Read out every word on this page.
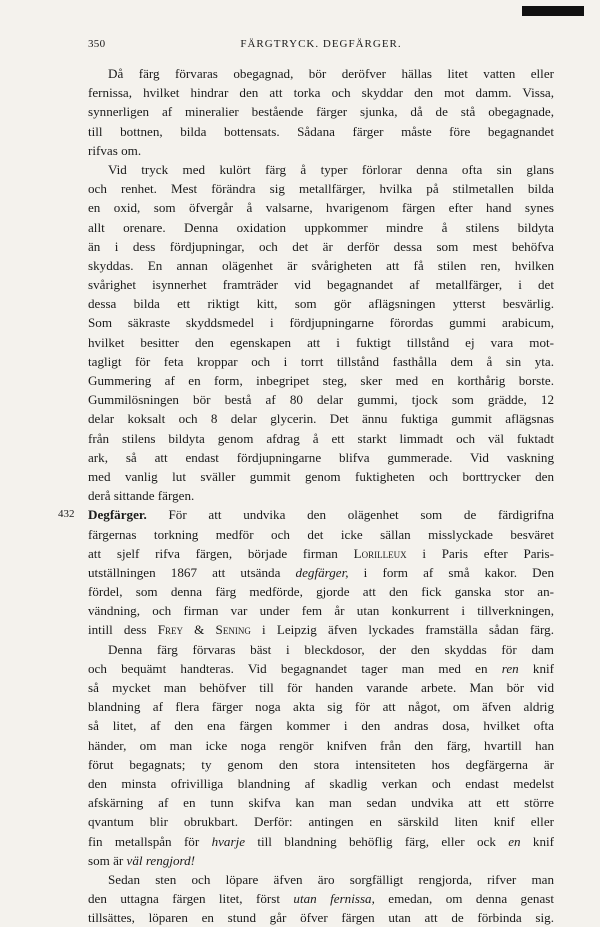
350	FÄRGTRYCK. DEGFÄRGER.
Då färg förvaras obegagnad, bör deröfver hällas litet vatten eller
fernissa, hvilket hindrar den att torka och skyddar den mot damm. Vissa,
synnerligen af mineralier bestående färger sjunka, då de stå obegagnade,
till bottnen, bilda bottensats. Sådana färger måste före begagnandet
rifvas om.
Vid tryck med kulört färg å typer förlorar denna ofta sin glans
och renhet. Mest förändra sig metallfärger, hvilka på stilmetallen bilda
en oxid, som öfvergår å valsarne, hvarigenom färgen efter hand synes
allt orenare. Denna oxidation uppkommer mindre å stilens bildyta
än i dess fördjupningar, och det är derför dessa som mest behöfva
skyddas. En annan olägenhet är svårigheten att få stilen ren, hvilken
svårighet isynnerhet framträder vid begagnandet af metallfärger, i det
dessa bilda ett riktigt kitt, som gör aflägsningen ytterst besvärlig.
Som säkraste skyddsmedel i fördjupningarne förordas gummi arabicum,
hvilket besitter den egenskapen att i fuktigt tillstånd ej vara mot-
tagligt för feta kroppar och i torrt tillstånd fasthålla dem å sin yta.
Gummering af en form, inbegripet steg, sker med en korthårig borste.
Gummilösningen bör bestå af 80 delar gummi, tjock som grädde, 12
delar koksalt och 8 delar glycerin. Det ännu fuktiga gummit aflägsnas
från stilens bildyta genom afdrag å ett starkt limmadt och väl fuktadt
ark, så att endast fördjupningarne blifva gummerade. Vid vaskning
med vanlig lut sväller gummit genom fuktigheten och borttrycker den
derå sittande färgen.
432 Degfärger. För att undvika den olägenhet som de färdigrifna
färgernas torkning medför och det icke sällan misslyckade besväret
att sjelf rifva färgen, började firman Lorilleux i Paris efter Paris-
utställningen 1867 att utsända degfärger, i form af små kakor. Den
fördel, som denna färg medförde, gjorde att den fick ganska stor an-
vändning, och firman var under fem år utan konkurrent i tillverkningen,
intill dess Frey & Sening i Leipzig äfven lyckades framställa sådan färg.
Denna färg förvaras bäst i bleckdosor, der den skyddas för dam
och bequämt handteras. Vid begagnandet tager man med en ren knif
så mycket man behöfver till för handen varande arbete. Man bör vid
blandning af flera färger noga akta sig för att något, om äfven aldrig
så litet, af den ena färgen kommer i den andras dosa, hvilket ofta
händer, om man icke noga rengör knifven från den färg, hvartill han
förut begagnats; ty genom den stora intensiteten hos degfärgerna är
den minsta ofrivilliga blandning af skadlig verkan och endast medelst
afskärning af en tunn skifva kan man sedan undvika att ett större
qvantum blir obrukbart. Derför: antingen en särskild liten knif eller
fin metallspån för hvarje till blandning behöflig färg, eller ock en knif
som är väl rengjord!
Sedan sten och löpare äfven äro sorgfälligt rengjorda, rifver man
den uttagna färgen litet, först utan fernissa, emedan, om denna genast
tillsättes, löparen en stund går öfver färgen utan att de förbinda sig.
